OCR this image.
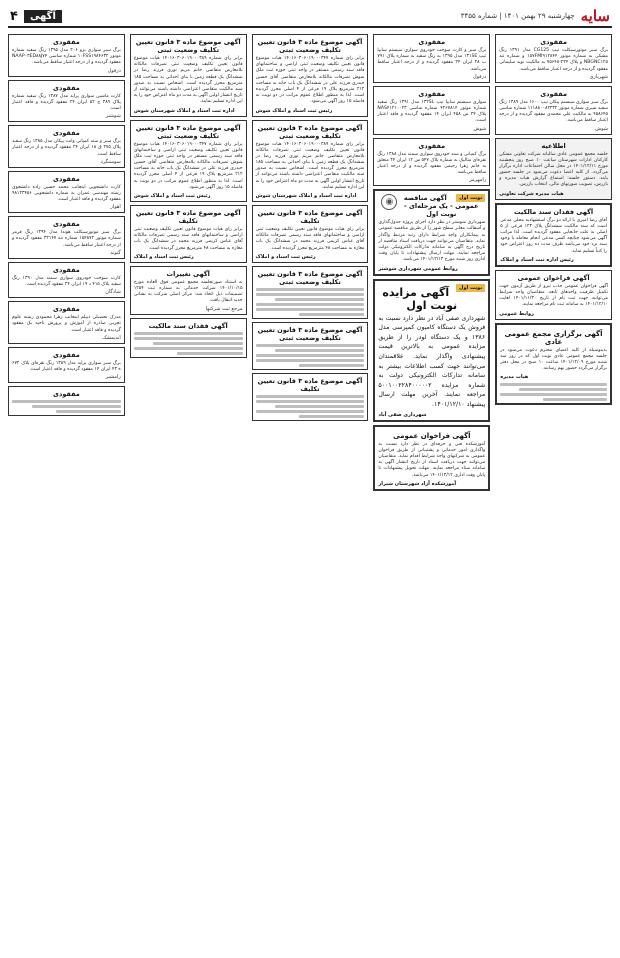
سایه
چهارشنبه ۲۹ بهمن ۱۴۰۱ | شماره ۳۴۵۵
آگهی
۴
مفقودی
برگ سبز موتورسیکلت تیپ CG125 مدل ۱۳۹۱ رنگ مشکی به شماره موتور ۱۵۷FMI۹۱۲۸۴۴ و شماره تنه NBGNC۱۲۵ و پلاک ۲۲۴-۷۵۶۴۸ به مالکیت نوید سلیمانی مفقود گردیده و از درجه اعتبار ساقط می‌باشد.
شهریاری
مفقودی
برگ سبز سواری سیستم پیکان تیپ ۱۶۰۰ مدل ۱۳۸۹ رنگ سفید شیری شماره موتور ۱۱۱۸۸۰۰۸۲۳۳۲ شماره شاسی ۴۵۸۶۴۵ به مالکیت علی محمدی مفقود گردیده و از درجه اعتبار ساقط می‌باشد.
شوش
اطلاعیه
جلسه مجمع عمومی عادی سالیانه شرکت تعاونی مسکن کارکنان ادارات شهرستان ساعت ۱۰ صبح روز پنجشنبه مورخ ۱۴۰۱/۱۲/۱۱ در محل سالن اجتماعات اداره برگزار می‌گردد. از کلیه اعضا دعوت می‌شود در جلسه حضور یابند. دستور جلسه: استماع گزارش هیات مدیره و بازرس، تصویب صورتهای مالی، انتخاب بازرس.
هیات مدیره شرکت تعاونی
آگهی فقدان سند مالکیت
آقای رضا امیری با ارائه دو برگ استشهادیه محلی مدعی است که سند مالکیت ششدانگ پلاک ۱۲۳ فرعی از ۵ اصلی به علت جابجایی مفقود گردیده است. لذا مراتب آگهی می‌شود چنانچه کسی مدعی انجام معامله یا وجود سند نزد خود می‌باشد ظرف مدت ده روز اعتراض خود را کتباً تسلیم نماید.
رئیس اداره ثبت اسناد و املاک
آگهی فراخوان عمومی
آگهی فراخوان عمومی جذب نیرو از طریق آزمون جهت تکمیل ظرفیت واحدهای تابعه. متقاضیان واجد شرایط می‌توانند جهت ثبت نام از تاریخ ۱۴۰۱/۱۱/۳۰ لغایت ۱۴۰۱/۱۲/۱۰ به سامانه ثبت نام مراجعه نمایند.
روابط عمومی
آگهی برگزاری مجمع عمومی عادی
بدینوسیله از کلیه اعضای محترم دعوت می‌شود در جلسه مجمع عمومی عادی نوبت اول که در روز سه شنبه مورخ ۱۴۰۱/۱۲/۰۹ ساعت ۱۰ صبح در محل دفتر برگزار می‌گردد حضور بهم رسانند.
هیات مدیره
مفقودی
برگ سبز و کارت سوخت خودروی سواری سیستم سایپا تیپ ۱۳۱SE مدل ۱۳۹۵ به رنگ سفید به شماره پلاک ۷۹۱ ب ۲۸ ایران ۲۴ مفقود گردیده و از درجه اعتبار ساقط می‌باشد.
دزفول
مفقودی
سواری سیستم سایپا تیپ ۱۳۲SL مدل ۱۳۹۱ رنگ سفید شماره موتور ۴۲۶۷۸۱۴ شماره شاسی NAS۴۱۲۱۰۰۲۳ پلاک ۲۴ ص ۴۵۸ ایران ۱۴ مفقود گردیده و فاقد اعتبار است.
شوش
مفقودی
برگ کمپانی و سند خودروی سواری سمند مدل ۱۳۸۸ رنگ نقره‌ای متالیک به شماره پلاک ۵۴۷ س ۱۲ ایران ۲۴ متعلق به خانم زهرا رحیمی مفقود گردیده و از درجه اعتبار ساقط می‌باشد.
رامهرمز
نوبت اول
◉	آگهی مناقصه عمومی - یک مرحله‌ای - نوبت اول
شهرداری شوشتر در نظر دارد اجرای پروژه جدول‌گذاری و آسفالت معابر سطح شهر را از طریق مناقصه عمومی به پیمانکاران واجد شرایط دارای رتبه مرتبط واگذار نماید. متقاضیان می‌توانند جهت دریافت اسناد مناقصه از تاریخ درج آگهی به سامانه تدارکات الکترونیکی دولت مراجعه نمایند. مهلت ارسال پیشنهادات تا پایان وقت اداری روز شنبه مورخ ۱۴۰۱/۱۲/۱۳ می‌باشد.
روابط عمومی شهرداری شوشتر
نوبت اول
آگهی مزایده نوبت اول
شهرداری صفی آباد در نظر دارد نسبت به فروش یک دستگاه کامیون کمپرسی مدل ۱۳۸۶ و یک دستگاه لودر را از طریق مزایده عمومی به بالاترین قیمت پیشنهادی واگذار نماید. علاقمندان می‌توانند جهت کسب اطلاعات بیشتر به سامانه تدارکات الکترونیکی دولت به شماره مزایده ۵۰۰۱۰۰۲۲۸۴۰۰۰۰۰۲ مراجعه نمایند. آخرین مهلت ارسال پیشنهاد ۱۴۰۱/۱۲/۱۰.
شهرداری صفی آباد
آگهی فراخوان عمومی
آموزشکده فنی و حرفه‌ای در نظر دارد نسبت به واگذاری امور خدماتی و پشتیبانی از طریق فراخوان عمومی به شرکتهای واجد شرایط اقدام نماید. متقاضیان می‌توانند جهت دریافت اسناد از تاریخ انتشار آگهی به سامانه ستاد مراجعه نمایند. مهلت تحویل پیشنهادات تا پایان وقت اداری ۱۴۰۱/۱۲/۱۲ می‌باشد.
آموزشکده آزاد شهرستان شیراز
آگهی موضوع ماده ۳ قانون تعیین تکلیف وضعیت ثبتی
برابر رای شماره ۱۴۰۱۶۰۳۰۶۰۱۹۰۰۰۳۴۷ هیات موضوع قانون تعیین تکلیف وضعیت ثبتی اراضی و ساختمانهای فاقد سند رسمی مستقر در واحد ثبتی حوزه ثبت ملک شوش تصرفات مالکانه بلامعارض متقاضی آقای حسین حیدری فرزند علی در ششدانگ یک باب خانه به مساحت ۲۱۲ مترمربع پلاک ۱۹ فرعی از ۴ اصلی محرز گردیده است. لذا به منظور اطلاع عموم مراتب در دو نوبت به فاصله ۱۵ روز آگهی می‌شود.
رئیس ثبت اسناد و املاک شوش
آگهی موضوع ماده ۳ قانون تعیین تکلیف وضعیت ثبتی
برابر رای شماره ۱۴۰۱۶۰۳۰۶۰۱۹۰۰۰۳۸۹ هیات موضوع قانون تعیین تکلیف وضعیت ثبتی تصرفات مالکانه بلامعارض متقاضی خانم مریم نوری فرزند رضا در ششدانگ یک قطعه زمین با بنای احداثی به مساحت ۱۸۵ مترمربع محرز گردیده است. اشخاص نسبت به صدور سند مالکیت متقاضی اعتراضی داشته باشند می‌توانند از تاریخ انتشار اولین آگهی به مدت دو ماه اعتراض خود را به این اداره تسلیم نمایند.
اداره ثبت اسناد و املاک شهرستان شوش
آگهی موضوع ماده ۳ قانون تعیین تکلیف
برابر رای هیات موضوع قانون تعیین تکلیف وضعیت ثبتی اراضی و ساختمانهای فاقد سند رسمی تصرفات مالکانه آقای عباس کریمی فرزند محمد در ششدانگ یک باب مغازه به مساحت ۴۸ مترمربع محرز گردیده است.
رئیس ثبت اسناد و املاک
آگهی موضوع ماده ۳ قانون تعیین تکلیف وضعیت ثبتی
آگهی موضوع ماده ۳ قانون تعیین تکلیف وضعیت ثبتی
آگهی موضوع ماده ۳ قانون تعیین تکلیف
آگهی موضوع ماده ۳ قانون تعیین تکلیف وضعیت ثبتی
برابر رای شماره ۱۴۰۱۶۰۳۰۶۰۱۹۰۰۰۳۸۹ هیات موضوع قانون تعیین تکلیف وضعیت ثبتی تصرفات مالکانه بلامعارض متقاضی خانم مریم نوری فرزند رضا در ششدانگ یک قطعه زمین با بنای احداثی به مساحت ۱۸۵ مترمربع محرز گردیده است. اشخاص نسبت به صدور سند مالکیت متقاضی اعتراضی داشته باشند می‌توانند از تاریخ انتشار اولین آگهی به مدت دو ماه اعتراض خود را به این اداره تسلیم نمایند.
اداره ثبت اسناد و املاک شهرستان شوش
آگهی موضوع ماده ۳ قانون تعیین تکلیف وضعیت ثبتی
برابر رای شماره ۱۴۰۱۶۰۳۰۶۰۱۹۰۰۰۳۴۷ هیات موضوع قانون تعیین تکلیف وضعیت ثبتی اراضی و ساختمانهای فاقد سند رسمی مستقر در واحد ثبتی حوزه ثبت ملک شوش تصرفات مالکانه بلامعارض متقاضی آقای حسین حیدری فرزند علی در ششدانگ یک باب خانه به مساحت ۲۱۲ مترمربع پلاک ۱۹ فرعی از ۴ اصلی محرز گردیده است. لذا به منظور اطلاع عموم مراتب در دو نوبت به فاصله ۱۵ روز آگهی می‌شود.
رئیس ثبت اسناد و املاک شوش
آگهی موضوع ماده ۳ قانون تعیین تکلیف
برابر رای هیات موضوع قانون تعیین تکلیف وضعیت ثبتی اراضی و ساختمانهای فاقد سند رسمی تصرفات مالکانه آقای عباس کریمی فرزند محمد در ششدانگ یک باب مغازه به مساحت ۴۸ مترمربع محرز گردیده است.
رئیس ثبت اسناد و املاک
آگهی تغییرات
به استناد صورتجلسه مجمع عمومی فوق العاده مورخ ۱۴۰۱/۱۰/۱۵ شرکت خدماتی به شماره ثبت ۱۲۵۴ تصمیمات ذیل اتخاذ شد: مرکز اصلی شرکت به نشانی جدید انتقال یافت.
مرجع ثبت شرکتها
آگهی فقدان سند مالکیت
مفقودی
برگ سبز سواری پژو ۲۰۶ مدل ۱۳۹۵ رنگ سفید شماره موتور ۱۰FSS۱۹۸۴۶۳۲ شماره شاسی NAAP۰۳ED۸۸J۷۴ مفقود گردیده و از درجه اعتبار ساقط می‌باشد.
دزفول
مفقودی
کارت ماشین سواری پراید مدل ۱۳۸۷ رنگ سفید شماره پلاک ۳۸۹ ج ۵۲ ایران ۲۴ مفقود گردیده و فاقد اعتبار است.
شوشتر
مفقودی
برگ سبز و سند کمپانی وانت پیکان مدل ۱۳۸۵ رنگ سفید پلاک ۲۷۵ ق ۱۸ ایران ۲۴ مفقود گردیده و از درجه اعتبار ساقط است.
سوسنگرد
مفقودی
کارت دانشجویی اینجانب محمد حسین زاده دانشجوی رشته مهندسی عمران به شماره دانشجویی ۹۸۱۲۳۴۵۶ مفقود گردیده و فاقد اعتبار است.
اهواز
مفقودی
برگ سبز موتورسیکلت هوندا مدل ۱۳۹۴ رنگ قرمز شماره موتور ۱۵۴۸۷۲ شماره تنه ۳۲۱۴۷ مفقود گردیده و از درجه اعتبار ساقط می‌باشد.
گتوند
مفقودی
کارت سوخت خودروی سواری سمند مدل ۱۳۹۰ رنگ سفید پلاک ۴۱۵ د ۱۹ ایران ۲۴ مفقود گردیده است.
شادگان
مفقودی
مدرک تحصیلی دیپلم اینجانب زهرا محمودی رشته علوم تجربی صادره از آموزش و پرورش ناحیه یک مفقود گردیده و فاقد اعتبار است.
اندیمشک
مفقودی
برگ سبز سواری پراید مدل ۱۳۸۹ رنگ نقره‌ای پلاک ۶۷۲ ه ۴۳ ایران ۱۴ مفقود گردیده و فاقد اعتبار است.
رامشیر
مفقودی
